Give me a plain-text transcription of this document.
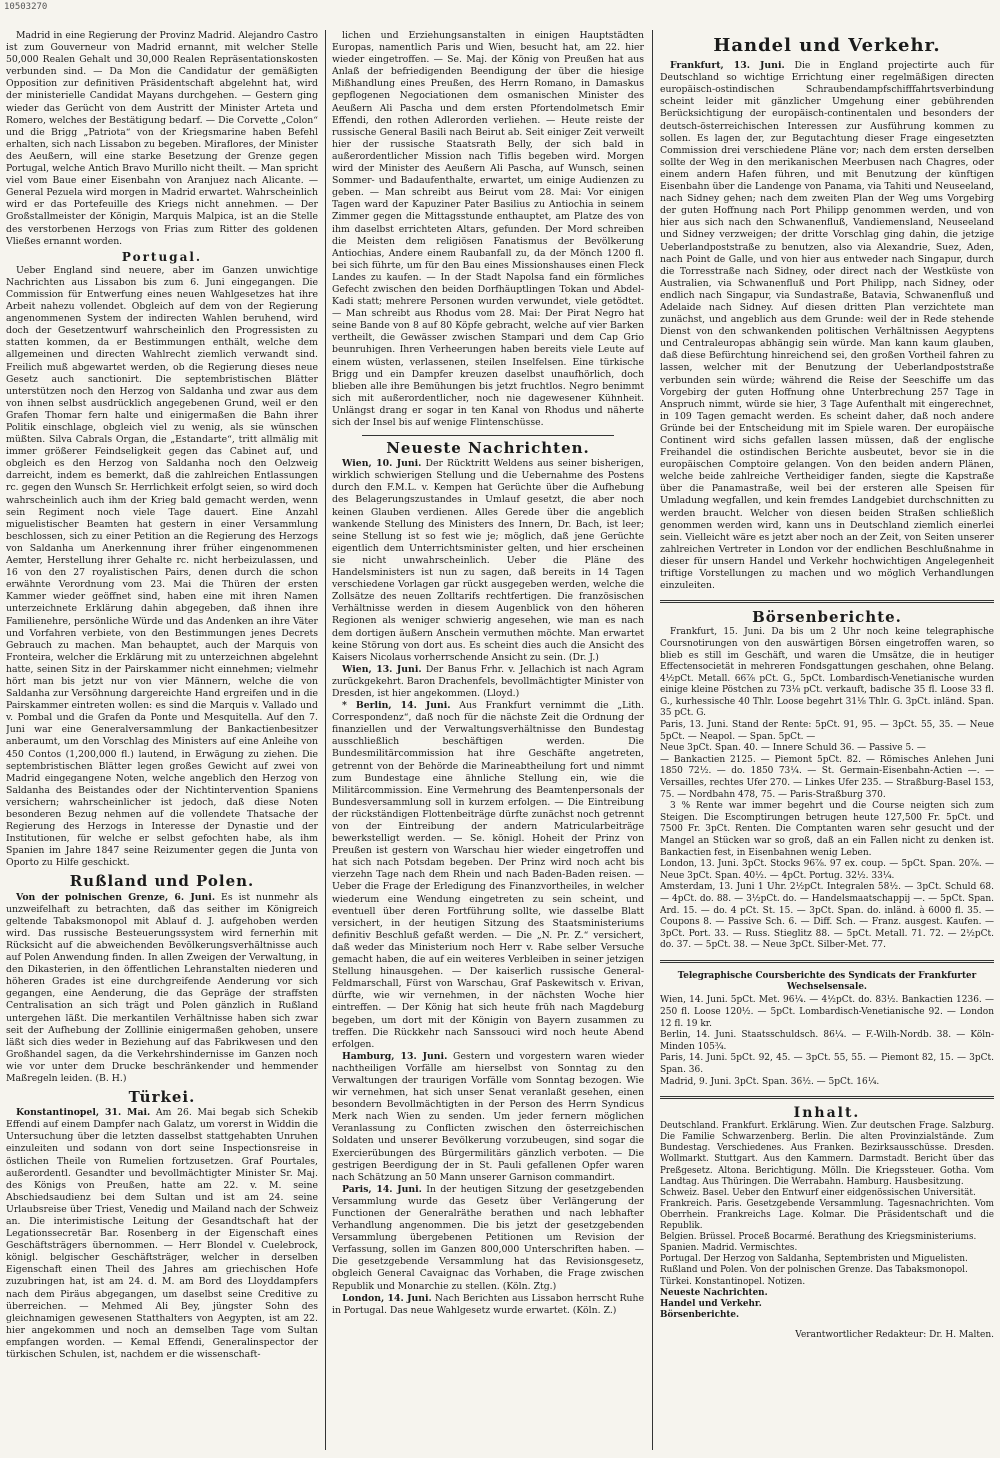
10503270

Madrid in eine Regierung der Provinz Madrid. Alejandro Castro ist zum Gouverneur von Madrid ernannt, mit welcher Stelle 50,000 Realen Gehalt und 30,000 Realen Repräsentationskosten verbunden sind. — Da Mon die Candidatur der gemäßigten Opposition zur definitiven Präsidentschaft abgelehnt hat, wird der ministerielle Candidat Mayans durchgehen. — Gestern ging wieder das Gerücht von dem Austritt der Minister Arteta und Romero, welches der Bestätigung bedarf. — Die Corvette „Colon“ und die Brigg „Patriota“ von der Kriegsmarine haben Befehl erhalten, sich nach Lissabon zu begeben. Miraflores, der Minister des Aeußern, will eine starke Besetzung der Grenze gegen Portugal, welche Antich Bravo Murillo nicht theilt. — Man spricht viel vom Baue einer Eisenbahn von Aranjuez nach Alicante. — General Pezuela wird morgen in Madrid erwartet. Wahrscheinlich wird er das Portefeuille des Kriegs nicht annehmen. — Der Großstallmeister der Königin, Marquis Malpica, ist an die Stelle des verstorbenen Herzogs von Frias zum Ritter des goldenen Vließes ernannt worden.

Portugal.

Ueber England sind neuere, aber im Ganzen unwichtige Nachrichten aus Lissabon bis zum 6. Juni eingegangen. Die Commission für Entwerfung eines neuen Wahlgesetzes hat ihre Arbeit nahezu vollendet. Obgleich auf dem von der Regierung angenommenen System der indirecten Wahlen beruhend, wird doch der Gesetzentwurf wahrscheinlich den Progressisten zu statten kommen, da er Bestimmungen enthält, welche dem allgemeinen und directen Wahlrecht ziemlich verwandt sind. Freilich muß abgewartet werden, ob die Regierung dieses neue Gesetz auch sanctionirt. Die septembristischen Blätter unterstützen noch den Herzog von Saldanha und zwar aus dem von ihnen selbst ausdrücklich angegebenen Grund, weil er den Grafen Thomar fern halte und einigermaßen die Bahn ihrer Politik einschlage, obgleich viel zu wenig, als sie wünschen müßten. Silva Cabrals Organ, die „Estandarte“, tritt allmälig mit immer größerer Feindseligkeit gegen das Cabinet auf, und obgleich es den Herzog von Saldanha noch den Oelzweig darreicht, indem es bemerkt, daß die zahlreichen Entlassungen rc. gegen den Wunsch Sr. Herrlichkeit erfolgt seien, so wird doch wahrscheinlich auch ihm der Krieg bald gemacht werden, wenn sein Regiment noch viele Tage dauert. Eine Anzahl miguelistischer Beamten hat gestern in einer Versammlung beschlossen, sich zu einer Petition an die Regierung des Herzogs von Saldanha um Anerkennung ihrer früher eingenommenen Aemter, Herstellung ihrer Gehalte rc. nicht herbeizulassen, und 16 von den 27 royalistischen Pairs, denen durch die schon erwähnte Verordnung vom 23. Mai die Thüren der ersten Kammer wieder geöffnet sind, haben eine mit ihren Namen unterzeichnete Erklärung dahin abgegeben, daß ihnen ihre Familienehre, persönliche Würde und das Andenken an ihre Väter und Vorfahren verbiete, von den Bestimmungen jenes Decrets Gebrauch zu machen. Man behauptet, auch der Marquis von Fronteira, welcher die Erklärung mit zu unterzeichnen abgelehnt hatte, seinen Sitz in der Pairskammer nicht einnehmen; vielmehr hört man bis jetzt nur von vier Männern, welche die von Saldanha zur Versöhnung dargereichte Hand ergreifen und in die Pairskammer eintreten wollen: es sind die Marquis v. Vallado und v. Pombal und die Grafen da Ponte und Mesquitella. Auf den 7. Juni war eine Generalversammlung der Bankactienbesitzer anberaumt, um den Vorschlag des Ministers auf eine Anleihe von 450 Contos (1,200,000 fl.) lautend, in Erwägung zu ziehen. Die septembristischen Blätter legen großes Gewicht auf zwei von Madrid eingegangene Noten, welche angeblich den Herzog von Saldanha des Beistandes oder der Nichtintervention Spaniens versichern; wahrscheinlicher ist jedoch, daß diese Noten besonderen Bezug nehmen auf die vollendete Thatsache der Regierung des Herzogs in Interesse der Dynastie und der Institutionen, für welche er selbst gefochten habe, als ihm Spanien im Jahre 1847 seine Reizumenter gegen die Junta von Oporto zu Hilfe geschickt.

Rußland und Polen.

Von der polnischen Grenze, 6. Juni. Es ist nunmehr als unzweifelhaft zu betrachten, daß das seither im Königreich geltende Tabaksmonopol mit Ablauf d. J. aufgehoben werden wird. Das russische Besteuerungssystem wird fernerhin mit Rücksicht auf die abweichenden Bevölkerungsverhältnisse auch auf Polen Anwendung finden. In allen Zweigen der Verwaltung, in den Dikasterien, in den öffentlichen Lehranstalten niederen und höheren Grades ist eine durchgreifende Aenderung vor sich gegangen, eine Aenderung, die das Gepräge der straffsten Centralisation an sich trägt und Polen gänzlich in Rußland untergehen läßt. Die merkantilen Verhältnisse haben sich zwar seit der Aufhebung der Zolllinie einigermaßen gehoben, unsere läßt sich dies weder in Beziehung auf das Fabrikwesen und den Großhandel sagen, da die Verkehrshindernisse im Ganzen noch wie vor unter dem Drucke beschränkender und hemmender Maßregeln leiden. (B. H.)

Türkei.

Konstantinopel, 31. Mai. Am 26. Mai begab sich Schekib Effendi auf einem Dampfer nach Galatz, um vorerst in Widdin die Untersuchung über die letzten dasselbst stattgehabten Unruhen einzuleiten und sodann von dort seine Inspectionsreise in östlichen Theile von Rumelien fortzusetzen. Graf Pourtales, außerordentl. Gesandter und bevollmächtigter Minister Sr. Maj. des Königs von Preußen, hatte am 22. v. M. seine Abschiedsaudienz bei dem Sultan und ist am 24. seine Urlaubsreise über Triest, Venedig und Mailand nach der Schweiz an. Die interimistische Leitung der Gesandtschaft hat der Legationssecretär Bar. Rosenberg in der Eigenschaft eines Geschäftsträgers übernommen. — Herr Blondel v. Cuelebrock, königl. belgischer Geschäftsträger, welcher in derselben Eigenschaft einen Theil des Jahres am griechischen Hofe zuzubringen hat, ist am 24. d. M. am Bord des Lloyddampfers nach dem Piräus abgegangen, um daselbst seine Creditive zu überreichen. — Mehmed Ali Bey, jüngster Sohn des gleichnamigen gewesenen Statthalters von Aegypten, ist am 22. hier angekommen und noch an demselben Tage vom Sultan empfangen worden. — Kemal Effendi, Generalinspector der türkischen Schulen, ist, nachdem er die wissenschaft-

lichen und Erziehungsanstalten in einigen Hauptstädten Europas, namentlich Paris und Wien, besucht hat, am 22. hier wieder eingetroffen. — Se. Maj. der König von Preußen hat aus Anlaß der befriedigenden Beendigung der über die hiesige Mißhandlung eines Preußen, des Herrn Romano, in Damaskus gepflogenen Negociationen dem osmanischen Minister des Aeußern Ali Pascha und dem ersten Pfortendolmetsch Emir Effendi, den rothen Adlerorden verliehen. — Heute reiste der russische General Basili nach Beirut ab. Seit einiger Zeit verweilt hier der russische Staatsrath Belly, der sich bald in außerordentlicher Mission nach Tiflis begeben wird. Morgen wird der Minister des Aeußern Ali Pascha, auf Wunsch, seinen Sommer- und Badaufenthalte, erwartet, um einige Audienzen zu geben. — Man schreibt aus Beirut vom 28. Mai: Vor einigen Tagen ward der Kapuziner Pater Basilius zu Antiochia in seinem Zimmer gegen die Mittagsstunde enthauptet, am Platze des von ihm daselbst errichteten Altars, gefunden. Der Mord schreiben die Meisten dem religiösen Fanatismus der Bevölkerung Antiochias, Andere einem Raubanfall zu, da der Mönch 1200 fl. bei sich führte, um für den Bau eines Missionshauses einen Fleck Landes zu kaufen. — In der Stadt Napolsa fand ein förmliches Gefecht zwischen den beiden Dorfhäuptlingen Tokan und Abdel-Kadi statt; mehrere Personen wurden verwundet, viele getödtet. — Man schreibt aus Rhodus vom 28. Mai: Der Pirat Negro hat seine Bande von 8 auf 80 Köpfe gebracht, welche auf vier Barken vertheilt, die Gewässer zwischen Stampari und dem Cap Grio beunruhigen. Ihren Verheerungen haben bereits viele Leute auf einem wüsten, verlassenen, steilen Inselfelsen. Eine türkische Brigg und ein Dampfer kreuzen daselbst unaufhörlich, doch blieben alle ihre Bemühungen bis jetzt fruchtlos. Negro benimmt sich mit außerordentlicher, noch nie dagewesener Kühnheit. Unlängst drang er sogar in ten Kanal von Rhodus und näherte sich der Insel bis auf wenige Flintenschüsse.

Neueste Nachrichten.

Wien, 10. Juni. Der Rücktritt Weldens aus seiner bisherigen, wirklich schwierigen Stellung und die Uebernahme des Postens durch den F.M.L. v. Kempen hat Gerüchte über die Aufhebung des Belagerungszustandes in Umlauf gesetzt, die aber noch keinen Glauben verdienen. Alles Gerede über die angeblich wankende Stellung des Ministers des Innern, Dr. Bach, ist leer; seine Stellung ist so fest wie je; möglich, daß jene Gerüchte eigentlich dem Unterrichtsminister gelten, und hier erscheinen sie nicht unwahrscheinlich. Ueber die Pläne des Handelsministers ist nun zu sagen, daß bereits in 14 Tagen verschiedene Vorlagen gar rückt ausgegeben werden, welche die Zollsätze des neuen Zolltarifs rechtfertigen. Die französischen Verhältnisse werden in diesem Augenblick von den höheren Regionen als weniger schwierig angesehen, wie man es nach dem dortigen äußern Anschein vermuthen möchte. Man erwartet keine Störung von dort aus. Es scheint dies auch die Ansicht des Kaisers Nicolaus vorherrschende Ansicht zu sein. (Dr. J.)

Wien, 13. Juni. Der Banus Frhr. v. Jellachich ist nach Agram zurückgekehrt. Baron Drachenfels, bevollmächtigter Minister von Dresden, ist hier angekommen. (Lloyd.)

* Berlin, 14. Juni. Aus Frankfurt vernimmt die „Lith. Correspondenz“, daß noch für die nächste Zeit die Ordnung der finanziellen und der Verwaltungsverhältnisse den Bundestag ausschließlich beschäftigen werden. Die Bundesmilitärcommission hat ihre Geschäfte angetreten, getrennt von der Behörde die Marineabtheilung fort und nimmt zum Bundestage eine ähnliche Stellung ein, wie die Militärcommission. Eine Vermehrung des Beamtenpersonals der Bundesversammlung soll in kurzem erfolgen. — Die Eintreibung der rückständigen Flottenbeiträge dürfte zunächst noch getrennt von der Eintreibung der andern Matricularbeiträge bewerkstelligt werden. — Se. königl. Hoheit der Prinz von Preußen ist gestern von Warschau hier wieder eingetroffen und hat sich nach Potsdam begeben. Der Prinz wird noch acht bis vierzehn Tage nach dem Rhein und nach Baden-Baden reisen. — Ueber die Frage der Erledigung des Finanzvortheiles, in welcher wiederum eine Wendung eingetreten zu sein scheint, und eventuell über deren Fortführung sollte, wie dasselbe Blatt versichert, in der heutigen Sitzung des Staatsministeriums definitiv Beschluß gefaßt werden. — Die „N. Pr. Z.“ versichert, daß weder das Ministerium noch Herr v. Rabe selber Versuche gemacht haben, die auf ein weiteres Verbleiben in seiner jetzigen Stellung hinausgehen. — Der kaiserlich russische General-Feldmarschall, Fürst von Warschau, Graf Paskewitsch v. Erivan, dürfte, wie wir vernehmen, in der nächsten Woche hier eintreffen. — Der König hat sich heute früh nach Magdeburg begeben, um dort mit der Königin von Bayern zusammen zu treffen. Die Rückkehr nach Sanssouci wird noch heute Abend erfolgen.

Hamburg, 13. Juni. Gestern und vorgestern waren wieder nachtheiligen Vorfälle am hierselbst von Sonntag zu den Verwaltungen der traurigen Vorfälle vom Sonntag bezogen. Wie wir vernehmen, hat sich unser Senat veranlaßt gesehen, einen besondern Bevollmächtigten in der Person des Herrn Syndicus Merk nach Wien zu senden. Um jeder fernern möglichen Veranlassung zu Conflicten zwischen den österreichischen Soldaten und unserer Bevölkerung vorzubeugen, sind sogar die Exercierübungen des Bürgermilitärs gänzlich verboten. — Die gestrigen Beerdigung der in St. Pauli gefallenen Opfer waren nach Schätzung an 50 Mann unserer Garnison commandirt.

Paris, 14. Juni. In der heutigen Sitzung der gesetzgebenden Versammlung wurde das Gesetz über Verlängerung der Functionen der Generalräthe berathen und nach lebhafter Verhandlung angenommen. Die bis jetzt der gesetzgebenden Versammlung übergebenen Petitionen um Revision der Verfassung, sollen im Ganzen 800,000 Unterschriften haben. — Die gesetzgebende Versammlung hat das Revisionsgesetz, obgleich General Cavaignac das Vorhaben, die Frage zwischen Republik und Monarchie zu stellen. (Köln. Ztg.)

London, 14. Juni. Nach Berichten aus Lissabon herrscht Ruhe in Portugal. Das neue Wahlgesetz wurde erwartet. (Köln. Z.)

Handel und Verkehr.

Frankfurt, 13. Juni. Die in England projectirte auch für Deutschland so wichtige Errichtung einer regelmäßigen directen europäisch-ostindischen Schraubendampfschifffahrtsverbindung scheint leider mit gänzlicher Umgehung einer gebührenden Berücksichtigung der europäisch-continentalen und besonders der deutsch-österreichischen Interessen zur Ausführung kommen zu sollen. Es lagen der, zur Begutachtung dieser Frage eingesetzten Commission drei verschiedene Pläne vor; nach dem ersten derselben sollte der Weg in den merikanischen Meerbusen nach Chagres, oder einem andern Hafen führen, und mit Benutzung der künftigen Eisenbahn über die Landenge von Panama, via Tahiti und Neuseeland, nach Sidney gehen; nach dem zweiten Plan der Weg ums Vorgebirg der guten Hoffnung nach Port Philipp genommen werden, und von hier aus sich nach den Schwanenfluß, Vandiemensland, Neuseeland und Sidney verzweigen; der dritte Vorschlag ging dahin, die jetzige Ueberlandpoststraße zu benutzen, also via Alexandrie, Suez, Aden, nach Point de Galle, und von hier aus entweder nach Singapur, durch die Torresstraße nach Sidney, oder direct nach der Westküste von Australien, via Schwanenfluß und Port Philipp, nach Sidney, oder endlich nach Singapur, via Sundastraße, Batavia, Schwanenfluß und Adelaide nach Sidney. Auf diesen dritten Plan verzichtete man zunächst, und angeblich aus dem Grunde: weil der in Rede stehende Dienst von den schwankenden politischen Verhältnissen Aegyptens und Centraleuropas abhängig sein würde. Man kann kaum glauben, daß diese Befürchtung hinreichend sei, den großen Vortheil fahren zu lassen, welcher mit der Benutzung der Ueberlandpoststraße verbunden sein würde; während die Reise der Seeschiffe um das Vorgebirg der guten Hoffnung ohne Unterbrechung 257 Tage in Anspruch nimmt, würde sie hier, 3 Tage Aufenthalt mit eingerechnet, in 109 Tagen gemacht werden. Es scheint daher, daß noch andere Gründe bei der Entscheidung mit im Spiele waren. Der europäische Continent wird sichs gefallen lassen müssen, daß der englische Freihandel die ostindischen Berichte ausbeutet, bevor sie in die europäischen Comptoire gelangen. Von den beiden andern Plänen, welche beide zahlreiche Vertheidiger fanden, siegte die Kapstraße über die Panamastraße, weil bei der ersteren alle Speisen für Umladung wegfallen, und kein fremdes Landgebiet durchschnitten zu werden braucht. Welcher von diesen beiden Straßen schließlich genommen werden wird, kann uns in Deutschland ziemlich einerlei sein. Vielleicht wäre es jetzt aber noch an der Zeit, von Seiten unserer zahlreichen Vertreter in London vor der endlichen Beschlußnahme in dieser für unsern Handel und Verkehr hochwichtigen Angelegenheit triftige Vorstellungen zu machen und wo möglich Verhandlungen einzuleiten.

Börsenberichte.

Frankfurt, 15. Juni. Da bis um 2 Uhr noch keine telegraphische Coursnotirungen von den auswärtigen Börsen eingetroffen waren, so blieb es still im Geschäft, und waren die Umsätze, die in heutiger Effectensocietät in mehreren Fondsgattungen geschahen, ohne Belang. 4½pCt. Metall. 66⅞ pCt. G., 5pCt. Lombardisch-Venetianische wurden einige kleine Pöstchen zu 73⅛ pCt. verkauft, badische 35 fl. Loose 33 fl. G., kurhessische 40 Thlr. Loose begehrt 31⅛ Thlr. G. 3pCt. inländ. Span. 35 pCt. G.

Paris, 13. Juni. Stand der Rente: 5pCt. 91, 95. — 3pCt. 55, 35. — Neue 5pCt. — Neapol. — Span. 5pCt. —

Neue 3pCt. Span. 40. — Innere Schuld 36. — Passive 5. —

— Bankactien 2125. — Piemont 5pCt. 82. — Römisches Anlehen Juni 1850 72½. — do. 1850 73¼. — St. Germain-Eisenbahn-Actien —. — Versailles, rechtes Ufer 270. — Linkes Ufer 235. — Straßburg-Basel 153, 75. — Nordbahn 478, 75. — Paris-Straßburg 370.

3 % Rente war immer begehrt und die Course neigten sich zum Steigen. Die Escomptirungen betrugen heute 127,500 Fr. 5pCt. und 7500 Fr. 3pCt. Renten. Die Comptanten waren sehr gesucht und der Mangel an Stücken war so groß, daß an ein Fallen nicht zu denken ist. Bankactien fest, in Eisenbahnen wenig Leben.

London, 13. Juni. 3pCt. Stocks 96⅞. 97 ex. coup. — 5pCt. Span. 20⅞. — Neue 3pCt. Span. 40½. — 4pCt. Portug. 32½. 33¼.

Amsterdam, 13. Juni 1 Uhr. 2½pCt. Integralen 58½. — 3pCt. Schuld 68. — 4pCt. do. 88. — 3½pCt. do. — Handelsmaatschappij —. — 5pCt. Span. Ard. 15. — do. 4 pCt. St. 15. — 3pCt. Span. do. inländ. à 6000 fl. 35. — Coupons 8. — Passive Sch. 6. — Diff. Sch. — Franz. ausgest. Kaufen. — 3pCt. Port. 33. — Russ. Stieglitz 88. — 5pCt. Metall. 71. 72. — 2½pCt. do. 37. — 5pCt. 38. — Neue 3pCt. Silber-Met. 77.

Telegraphische Coursberichte des Syndicats der Frankfurter Wechselsensale.

Wien, 14. Juni. 5pCt. Met. 96¼. — 4½pCt. do. 83½. Bankactien 1236. — 250 fl. Loose 120½. — 5pCt. Lombardisch-Venetianische 92. — London 12 fl. 19 kr.

Berlin, 14. Juni. Staatsschuldsch. 86¼. — F.-Wilh-Nordb. 38. — Köln-Minden 105¾.

Paris, 14. Juni. 5pCt. 92, 45. — 3pCt. 55, 55. — Piemont 82, 15. — 3pCt. Span. 36.

Madrid, 9. Juni. 3pCt. Span. 36½. — 5pCt. 16¼.

Inhalt.

Deutschland. Frankfurt. Erklärung. Wien. Zur deutschen Frage. Salzburg. Die Familie Schwarzenberg. Berlin. Die alten Provinzialstände. Zum Bundestag. Verschiedenes. Aus Franken. Bezirksausschüsse. Dresden. Wollmarkt. Stuttgart. Aus den Kammern. Darmstadt. Bericht über das Preßgesetz. Altona. Berichtigung. Mölln. Die Kriegssteuer. Gotha. Vom Landtag. Aus Thüringen. Die Werrabahn. Hamburg. Hausbesitzung.

Schweiz. Basel. Ueber den Entwurf einer eidgenössischen Universität.

Frankreich. Paris. Gesetzgebende Versammlung. Tagesnachrichten. Vom Oberrhein. Frankreichs Lage. Kolmar. Die Präsidentschaft und die Republik.

Belgien. Brüssel. Proceß Bocarmé. Berathung des Kriegsministeriums.

Spanien. Madrid. Vermischtes.

Portugal. Der Herzog von Saldanha, Septembristen und Miguelisten.

Rußland und Polen. Von der polnischen Grenze. Das Tabaksmonopol.

Türkei. Konstantinopel. Notizen.

Neueste Nachrichten.

Handel und Verkehr.

Börsenberichte.

Verantwortlicher Redakteur: Dr. H. Malten.
